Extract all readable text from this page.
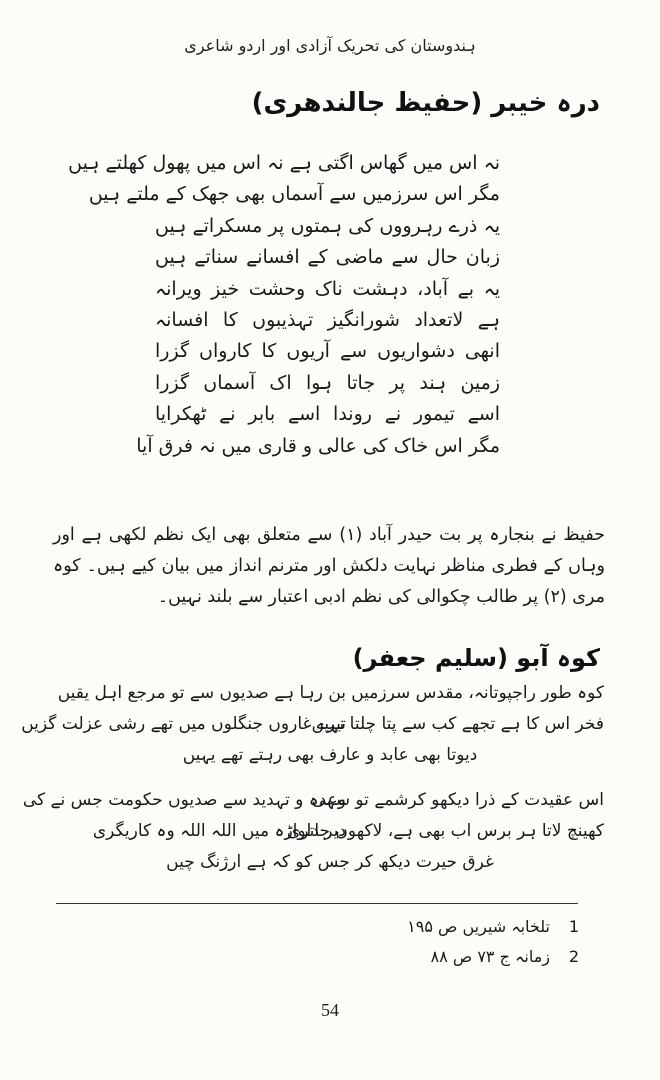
ہندوستان کی تحریک آزادی اور اردو شاعری
درہ خیبر (حفیظ جالندھری)
نہ اس میں گھاس اگتی ہے نہ اس میں پھول کھلتے ہیں
مگر اس سرزمیں سے آسماں بھی جھک کے ملتے ہیں
یہ ذرے رہرووں کی ہمتوں پر مسکراتے ہیں
زبان حال سے ماضی کے افسانے سناتے ہیں
یہ بے آباد، دہشت ناک وحشت خیز ویرانہ
ہے لاتعداد شورانگیز تہذیبوں کا افسانہ
انھی دشواریوں سے آریوں کا کارواں گزرا
زمین ہند پر جاتا ہوا اک آسماں گزرا
اسے تیمور نے روندا اسے بابر نے ٹھکرایا
مگر اس خاک کی عالی و قاری میں نہ فرق آیا

حفیظ نے بنجارہ پر بت حیدر آباد (۱) سے متعلق بھی ایک نظم لکھی ہے اور وہاں کے فطری مناظر نہایت دلکش اور مترنم انداز میں بیان کیے ہیں۔ کوہ مری (۲) پر طالب چکوالی کی نظم ادبی اعتبار سے بلند نہیں۔

کوہ آبو (سلیم جعفر)
کوہ طور راجپوتانہ، مقدس سرزمیں
بن رہا ہے صدیوں سے تو مرجع اہل یقیں
فخر اس کا ہے تجھے کب سے پتا چلتا نہیں
تیرے غاروں جنگلوں میں تھے رشی عزلت گزیں
دیوتا بھی عابد و عارف بھی رہتے تھے یہیں
اس عقیدت کے ذرا دیکھو کرشمے تو سہی
وعدہ و تہدید سے صدیوں حکومت جس نے کی
کھینچ لاتا ہر برس اب بھی ہے، لاکھوں جاتری
دیر دلواڑہ میں اللہ اللہ وہ کاریگری
غرق حیرت دیکھ کر جس کو کہ ہے ارژنگ چیں
1
تلخابہ شیریں ص ۱۹۵
2
زمانہ ج ۷۳ ص ۸۸
54
